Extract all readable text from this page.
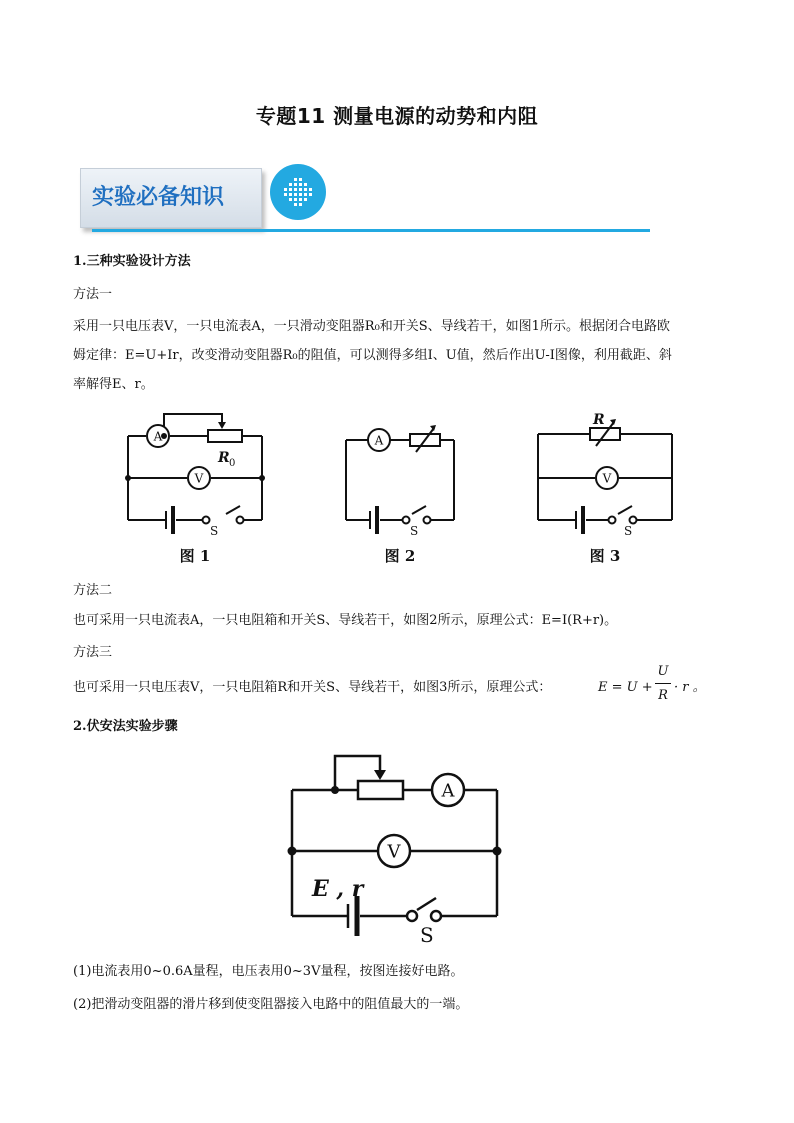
专题11 测量电源的动势和内阻
实验必备知识
1.三种实验设计方法
方法一
采用一只电压表V，一只电流表A，一只滑动变阻器R₀和开关S、导线若干，如图1所示。根据闭合电路欧
姆定律：E=U+Ir，改变滑动变阻器R₀的阻值，可以测得多组I、U值，然后作出U-I图像，利用截距、斜
率解得E、r。
A
V
R 0
S
图 1
A
S
图 2
R
V
S
图 3
方法二
也可采用一只电流表A，一只电阻箱和开关S、导线若干，如图2所示，原理公式：E=I(R+r)。
方法三
也可采用一只电压表V，一只电阻箱R和开关S、导线若干，如图3所示，原理公式：	E = U +
U
R
· r 。
2.伏安法实验步骤
A
V
E , r
S
(1)电流表用0~0.6A量程，电压表用0~3V量程，按图连接好电路。
(2)把滑动变阻器的滑片移到使变阻器接入电路中的阻值最大的一端。
